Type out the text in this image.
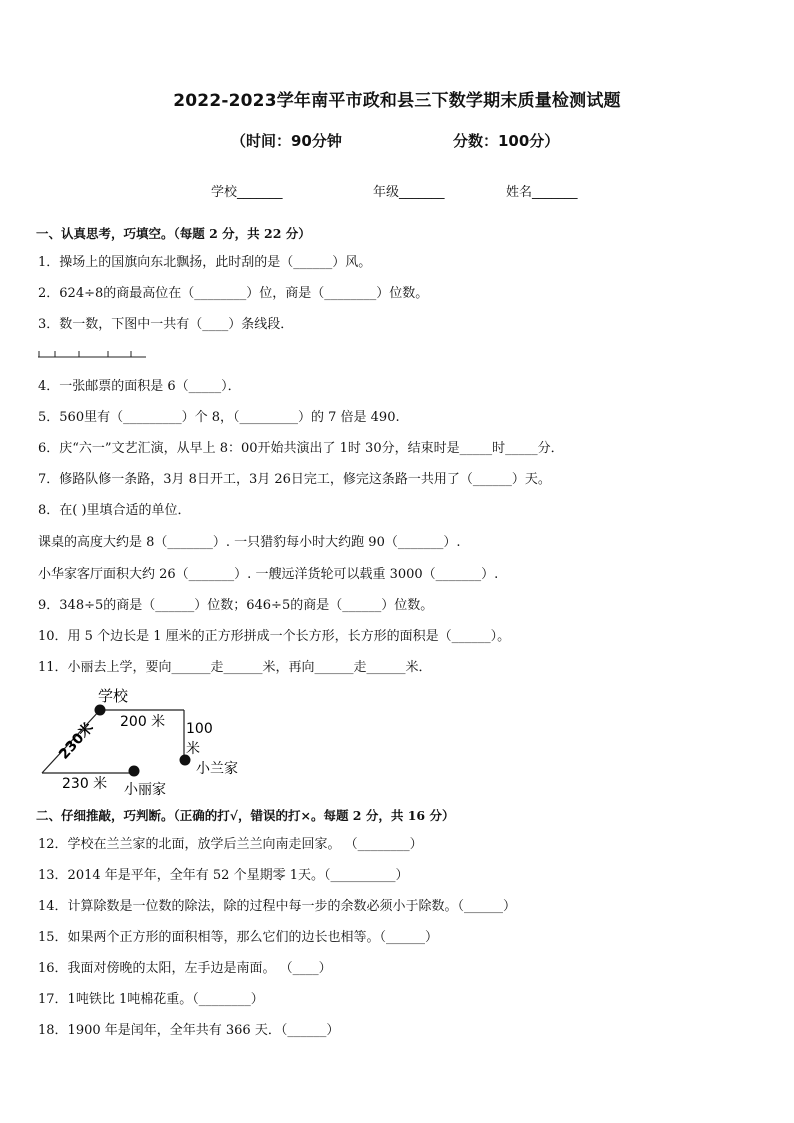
2022-2023学年南平市政和县三下数学期末质量检测试题
（时间：90分钟	分数：100分）
学校_______	年级_______	姓名_______
一、认真思考，巧填空。（每题 2 分，共 22 分）
1．操场上的国旗向东北飘扬，此时刮的是（______）风。
2．624÷8的商最高位在（________）位，商是（________）位数。
3．数一数，下图中一共有（____）条线段．
4．一张邮票的面积是 6（_____）．
5．560里有（_________）个 8，（_________）的 7 倍是 490.
6．庆“六一”文艺汇演，从早上 8：00开始共演出了 1时 30分，结束时是_____时_____分．
7．修路队修一条路，3月 8日开工，3月 26日完工，修完这条路一共用了（______）天。
8．在( )里填合适的单位．
课桌的高度大约是 8（_______）. 一只猎豹每小时大约跑 90（_______）.
小华家客厅面积大约 26（_______）. 一艘远洋货轮可以载重 3000（_______）.
9．348÷5的商是（______）位数；646÷5的商是（______）位数。
10．用 5 个边长是 1 厘米的正方形拼成一个长方形，长方形的面积是（______）。
11．小丽去上学，要向______走______米，再向______走______米．
学校
200 米 100
米
230米
230 米 小丽家
小兰家
二、仔细推敲，巧判断。（正确的打√，错误的打×。每题 2 分，共 16 分）
12．学校在兰兰家的北面，放学后兰兰向南走回家。 （________）
13．2014 年是平年，全年有 52 个星期零 1天。（__________）
14．计算除数是一位数的除法，除的过程中每一步的余数必须小于除数。（______）
15．如果两个正方形的面积相等，那么它们的边长也相等。（______）
16．我面对傍晚的太阳，左手边是南面。 （____）
17．1吨铁比 1吨棉花重。（________）
18．1900 年是闰年，全年共有 366 天．（______）
